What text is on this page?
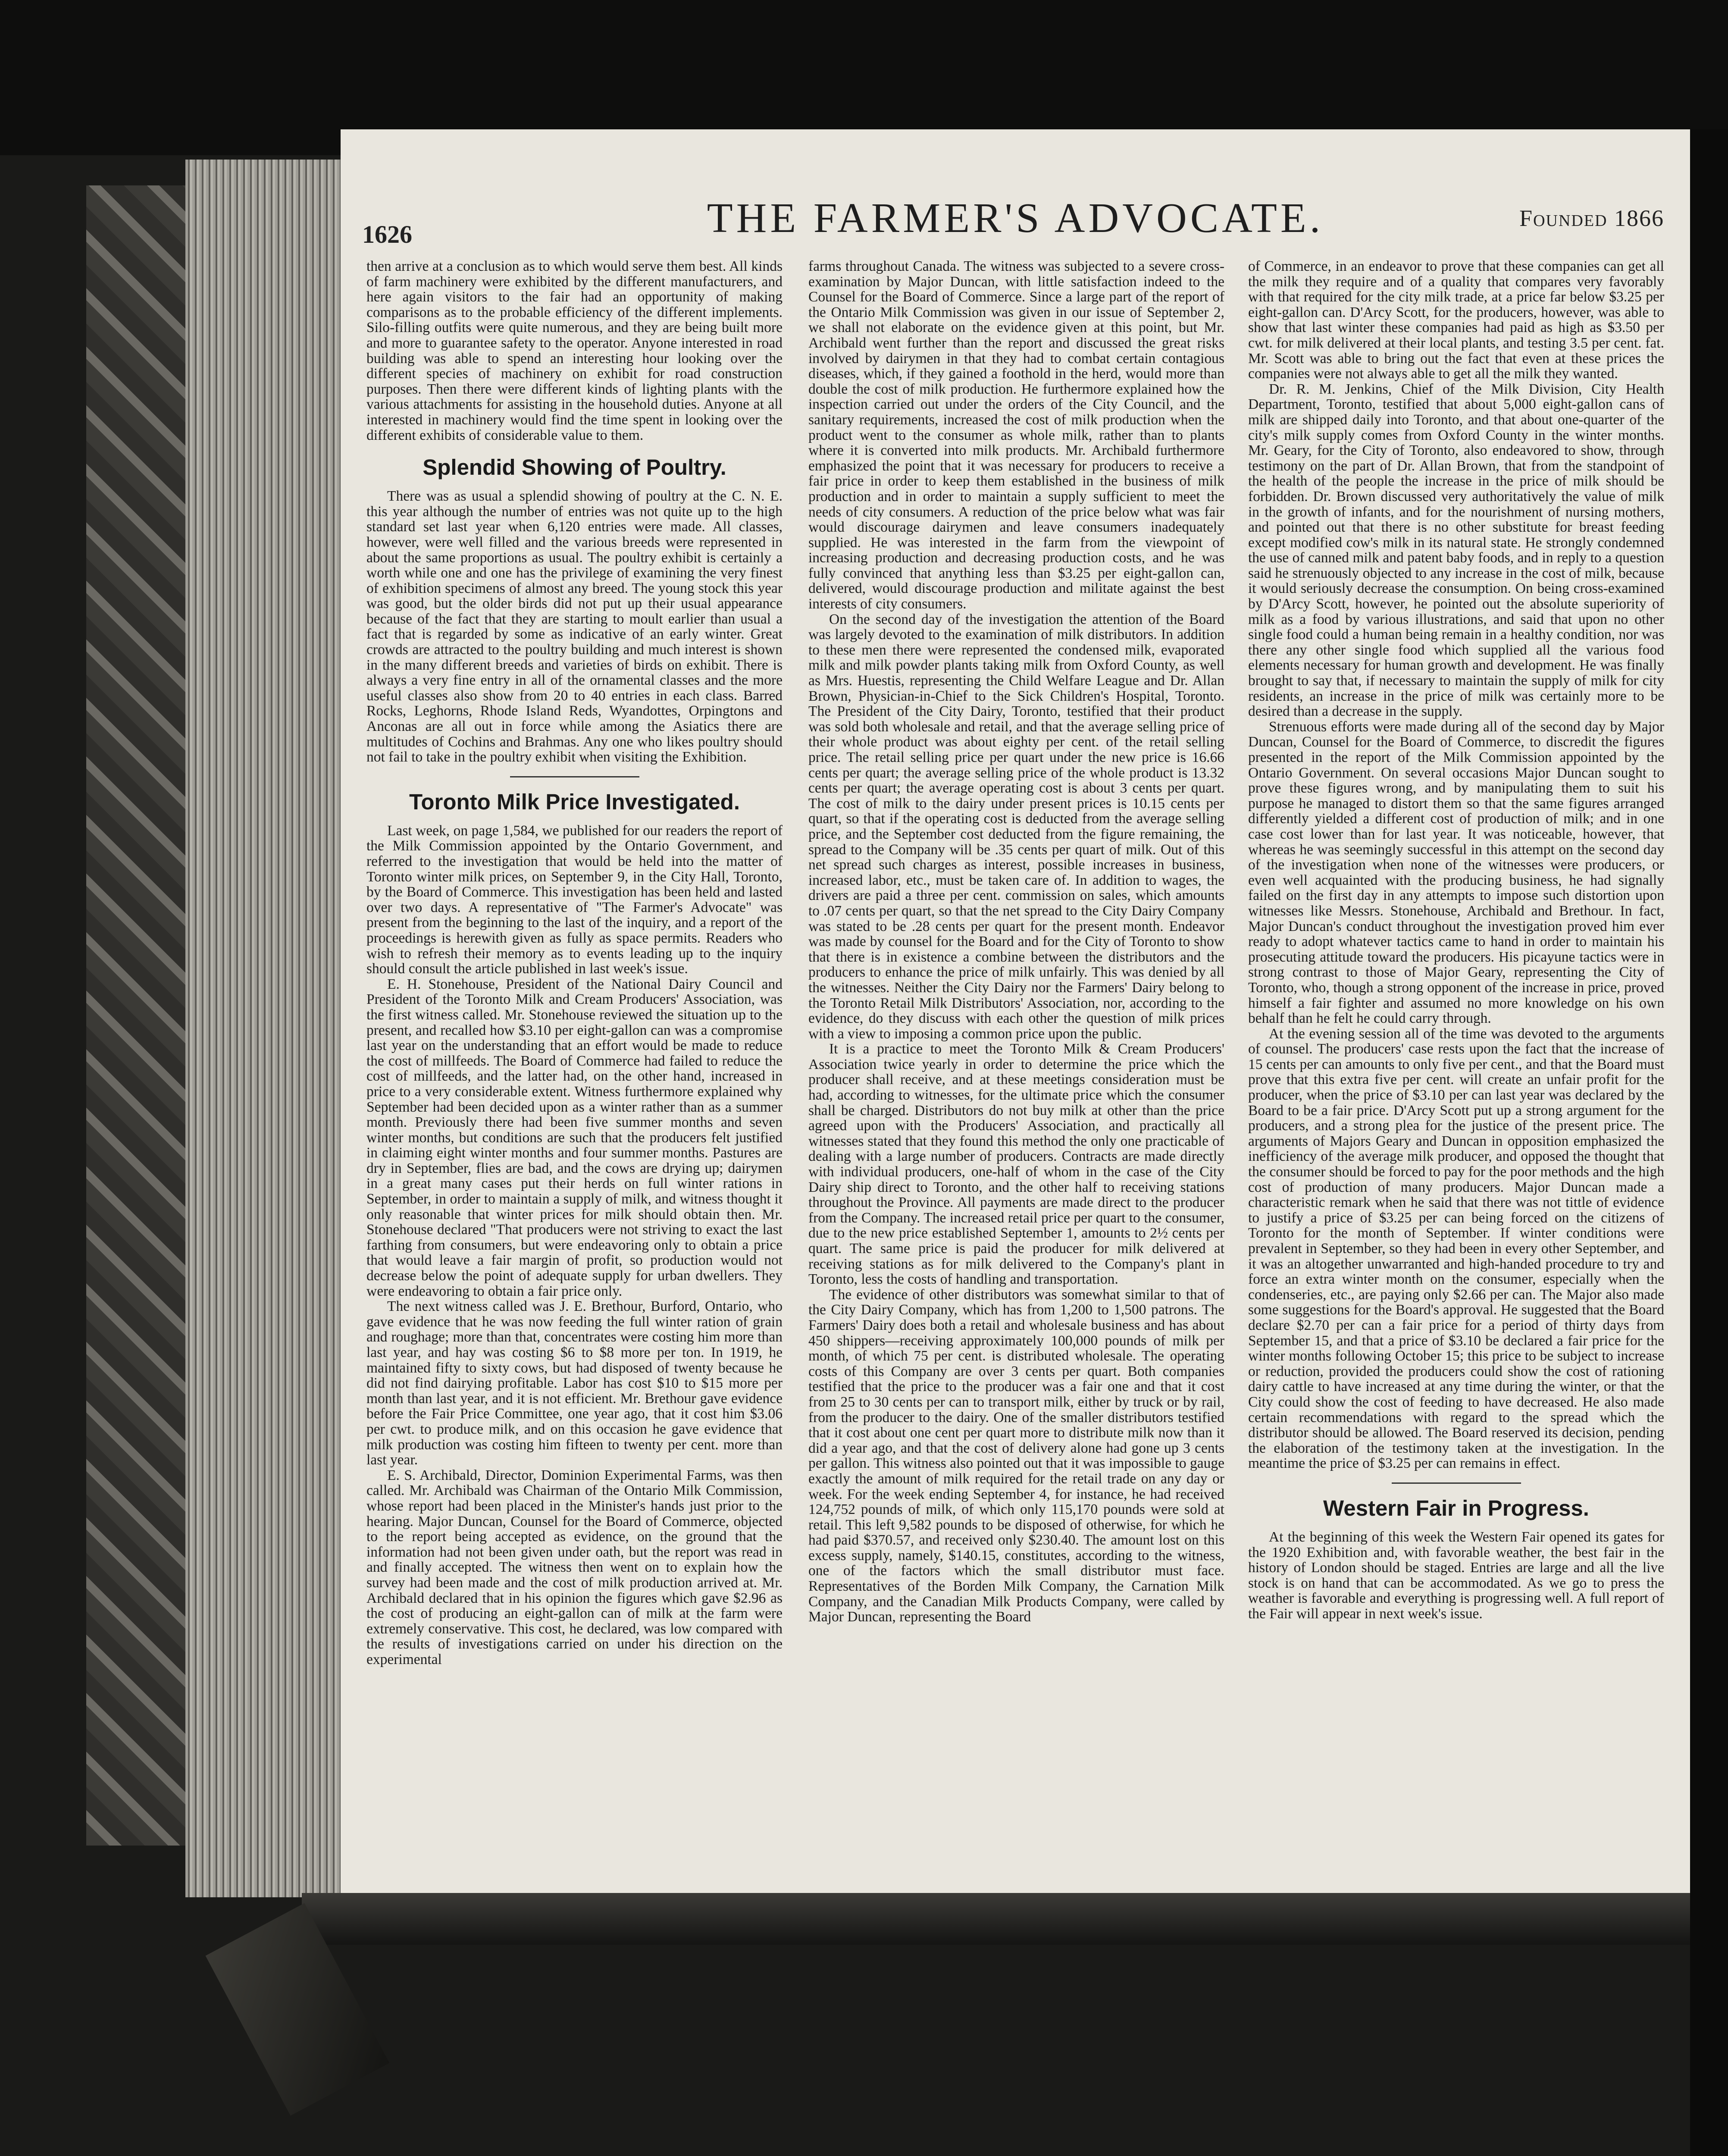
1626	THE FARMER'S ADVOCATE.	Founded 1866

then arrive at a conclusion as to which would serve them best. All kinds of farm machinery were exhibited by the different manufacturers, and here again visitors to the fair had an opportunity of making comparisons as to the probable efficiency of the different implements. Silo-filling outfits were quite numerous, and they are being built more and more to guarantee safety to the operator. Anyone interested in road building was able to spend an interesting hour looking over the different species of machinery on exhibit for road construction purposes. Then there were different kinds of lighting plants with the various attachments for assisting in the household duties. Anyone at all interested in machinery would find the time spent in looking over the different exhibits of considerable value to them.

Splendid Showing of Poultry.

There was as usual a splendid showing of poultry at the C. N. E. this year although the number of entries was not quite up to the high standard set last year when 6,120 entries were made. All classes, however, were well filled and the various breeds were represented in about the same proportions as usual. The poultry exhibit is certainly a worth while one and one has the privilege of examining the very finest of exhibition specimens of almost any breed. The young stock this year was good, but the older birds did not put up their usual appearance because of the fact that they are starting to moult earlier than usual a fact that is regarded by some as indicative of an early winter. Great crowds are attracted to the poultry building and much interest is shown in the many different breeds and varieties of birds on exhibit. There is always a very fine entry in all of the ornamental classes and the more useful classes also show from 20 to 40 entries in each class. Barred Rocks, Leghorns, Rhode Island Reds, Wyandottes, Orpingtons and Anconas are all out in force while among the Asiatics there are multitudes of Cochins and Brahmas. Any one who likes poultry should not fail to take in the poultry exhibit when visiting the Exhibition.

Toronto Milk Price Investigated.

Last week, on page 1,584, we published for our readers the report of the Milk Commission appointed by the Ontario Government, and referred to the investigation that would be held into the matter of Toronto winter milk prices, on September 9, in the City Hall, Toronto, by the Board of Commerce. This investigation has been held and lasted over two days. A representative of "The Farmer's Advocate" was present from the beginning to the last of the inquiry, and a report of the proceedings is herewith given as fully as space permits. Readers who wish to refresh their memory as to events leading up to the inquiry should consult the article published in last week's issue.

E. H. Stonehouse, President of the National Dairy Council and President of the Toronto Milk and Cream Producers' Association, was the first witness called. Mr. Stonehouse reviewed the situation up to the present, and recalled how $3.10 per eight-gallon can was a compromise last year on the understanding that an effort would be made to reduce the cost of millfeeds. The Board of Commerce had failed to reduce the cost of millfeeds, and the latter had, on the other hand, increased in price to a very considerable extent. Witness furthermore explained why September had been decided upon as a winter rather than as a summer month. Previously there had been five summer months and seven winter months, but conditions are such that the producers felt justified in claiming eight winter months and four summer months. Pastures are dry in September, flies are bad, and the cows are drying up; dairymen in a great many cases put their herds on full winter rations in September, in order to maintain a supply of milk, and witness thought it only reasonable that winter prices for milk should obtain then. Mr. Stonehouse declared "That producers were not striving to exact the last farthing from consumers, but were endeavoring only to obtain a price that would leave a fair margin of profit, so production would not decrease below the point of adequate supply for urban dwellers. They were endeavoring to obtain a fair price only.

The next witness called was J. E. Brethour, Burford, Ontario, who gave evidence that he was now feeding the full winter ration of grain and roughage; more than that, concentrates were costing him more than last year, and hay was costing $6 to $8 more per ton. In 1919, he maintained fifty to sixty cows, but had disposed of twenty because he did not find dairying profitable. Labor has cost $10 to $15 more per month than last year, and it is not efficient. Mr. Brethour gave evidence before the Fair Price Committee, one year ago, that it cost him $3.06 per cwt. to produce milk, and on this occasion he gave evidence that milk production was costing him fifteen to twenty per cent. more than last year.

E. S. Archibald, Director, Dominion Experimental Farms, was then called. Mr. Archibald was Chairman of the Ontario Milk Commission, whose report had been placed in the Minister's hands just prior to the hearing. Major Duncan, Counsel for the Board of Commerce, objected to the report being accepted as evidence, on the ground that the information had not been given under oath, but the report was read in and finally accepted. The witness then went on to explain how the survey had been made and the cost of milk production arrived at. Mr. Archibald declared that in his opinion the figures which gave $2.96 as the cost of producing an eight-gallon can of milk at the farm were extremely conservative. This cost, he declared, was low compared with the results of investigations carried on under his direction on the experimental

farms throughout Canada. The witness was subjected to a severe cross-examination by Major Duncan, with little satisfaction indeed to the Counsel for the Board of Commerce. Since a large part of the report of the Ontario Milk Commission was given in our issue of September 2, we shall not elaborate on the evidence given at this point, but Mr. Archibald went further than the report and discussed the great risks involved by dairymen in that they had to combat certain contagious diseases, which, if they gained a foothold in the herd, would more than double the cost of milk production. He furthermore explained how the inspection carried out under the orders of the City Council, and the sanitary requirements, increased the cost of milk production when the product went to the consumer as whole milk, rather than to plants where it is converted into milk products. Mr. Archibald furthermore emphasized the point that it was necessary for producers to receive a fair price in order to keep them established in the business of milk production and in order to maintain a supply sufficient to meet the needs of city consumers. A reduction of the price below what was fair would discourage dairymen and leave consumers inadequately supplied. He was interested in the farm from the viewpoint of increasing production and decreasing production costs, and he was fully convinced that anything less than $3.25 per eight-gallon can, delivered, would discourage production and militate against the best interests of city consumers.

On the second day of the investigation the attention of the Board was largely devoted to the examination of milk distributors. In addition to these men there were represented the condensed milk, evaporated milk and milk powder plants taking milk from Oxford County, as well as Mrs. Huestis, representing the Child Welfare League and Dr. Allan Brown, Physician-in-Chief to the Sick Children's Hospital, Toronto. The President of the City Dairy, Toronto, testified that their product was sold both wholesale and retail, and that the average selling price of their whole product was about eighty per cent. of the retail selling price. The retail selling price per quart under the new price is 16.66 cents per quart; the average selling price of the whole product is 13.32 cents per quart; the average operating cost is about 3 cents per quart. The cost of milk to the dairy under present prices is 10.15 cents per quart, so that if the operating cost is deducted from the average selling price, and the September cost deducted from the figure remaining, the spread to the Company will be .35 cents per quart of milk. Out of this net spread such charges as interest, possible increases in business, increased labor, etc., must be taken care of. In addition to wages, the drivers are paid a three per cent. commission on sales, which amounts to .07 cents per quart, so that the net spread to the City Dairy Company was stated to be .28 cents per quart for the present month. Endeavor was made by counsel for the Board and for the City of Toronto to show that there is in existence a combine between the distributors and the producers to enhance the price of milk unfairly. This was denied by all the witnesses. Neither the City Dairy nor the Farmers' Dairy belong to the Toronto Retail Milk Distributors' Association, nor, according to the evidence, do they discuss with each other the question of milk prices with a view to imposing a common price upon the public.

It is a practice to meet the Toronto Milk & Cream Producers' Association twice yearly in order to determine the price which the producer shall receive, and at these meetings consideration must be had, according to witnesses, for the ultimate price which the consumer shall be charged. Distributors do not buy milk at other than the price agreed upon with the Producers' Association, and practically all witnesses stated that they found this method the only one practicable of dealing with a large number of producers. Contracts are made directly with individual producers, one-half of whom in the case of the City Dairy ship direct to Toronto, and the other half to receiving stations throughout the Province. All payments are made direct to the producer from the Company. The increased retail price per quart to the consumer, due to the new price established September 1, amounts to 2½ cents per quart. The same price is paid the producer for milk delivered at receiving stations as for milk delivered to the Company's plant in Toronto, less the costs of handling and transportation.

The evidence of other distributors was somewhat similar to that of the City Dairy Company, which has from 1,200 to 1,500 patrons. The Farmers' Dairy does both a retail and wholesale business and has about 450 shippers—receiving approximately 100,000 pounds of milk per month, of which 75 per cent. is distributed wholesale. The operating costs of this Company are over 3 cents per quart. Both companies testified that the price to the producer was a fair one and that it cost from 25 to 30 cents per can to transport milk, either by truck or by rail, from the producer to the dairy. One of the smaller distributors testified that it cost about one cent per quart more to distribute milk now than it did a year ago, and that the cost of delivery alone had gone up 3 cents per gallon. This witness also pointed out that it was impossible to gauge exactly the amount of milk required for the retail trade on any day or week. For the week ending September 4, for instance, he had received 124,752 pounds of milk, of which only 115,170 pounds were sold at retail. This left 9,582 pounds to be disposed of otherwise, for which he had paid $370.57, and received only $230.40. The amount lost on this excess supply, namely, $140.15, constitutes, according to the witness, one of the factors which the small distributor must face. Representatives of the Borden Milk Company, the Carnation Milk Company, and the Canadian Milk Products Company, were called by Major Duncan, representing the Board

of Commerce, in an endeavor to prove that these companies can get all the milk they require and of a quality that compares very favorably with that required for the city milk trade, at a price far below $3.25 per eight-gallon can. D'Arcy Scott, for the producers, however, was able to show that last winter these companies had paid as high as $3.50 per cwt. for milk delivered at their local plants, and testing 3.5 per cent. fat. Mr. Scott was able to bring out the fact that even at these prices the companies were not always able to get all the milk they wanted.

Dr. R. M. Jenkins, Chief of the Milk Division, City Health Department, Toronto, testified that about 5,000 eight-gallon cans of milk are shipped daily into Toronto, and that about one-quarter of the city's milk supply comes from Oxford County in the winter months. Mr. Geary, for the City of Toronto, also endeavored to show, through testimony on the part of Dr. Allan Brown, that from the standpoint of the health of the people the increase in the price of milk should be forbidden. Dr. Brown discussed very authoritatively the value of milk in the growth of infants, and for the nourishment of nursing mothers, and pointed out that there is no other substitute for breast feeding except modified cow's milk in its natural state. He strongly condemned the use of canned milk and patent baby foods, and in reply to a question said he strenuously objected to any increase in the cost of milk, because it would seriously decrease the consumption. On being cross-examined by D'Arcy Scott, however, he pointed out the absolute superiority of milk as a food by various illustrations, and said that upon no other single food could a human being remain in a healthy condition, nor was there any other single food which supplied all the various food elements necessary for human growth and development. He was finally brought to say that, if necessary to maintain the supply of milk for city residents, an increase in the price of milk was certainly more to be desired than a decrease in the supply.

Strenuous efforts were made during all of the second day by Major Duncan, Counsel for the Board of Commerce, to discredit the figures presented in the report of the Milk Commission appointed by the Ontario Government. On several occasions Major Duncan sought to prove these figures wrong, and by manipulating them to suit his purpose he managed to distort them so that the same figures arranged differently yielded a different cost of production of milk; and in one case cost lower than for last year. It was noticeable, however, that whereas he was seemingly successful in this attempt on the second day of the investigation when none of the witnesses were producers, or even well acquainted with the producing business, he had signally failed on the first day in any attempts to impose such distortion upon witnesses like Messrs. Stonehouse, Archibald and Brethour. In fact, Major Duncan's conduct throughout the investigation proved him ever ready to adopt whatever tactics came to hand in order to maintain his prosecuting attitude toward the producers. His picayune tactics were in strong contrast to those of Major Geary, representing the City of Toronto, who, though a strong opponent of the increase in price, proved himself a fair fighter and assumed no more knowledge on his own behalf than he felt he could carry through.

At the evening session all of the time was devoted to the arguments of counsel. The producers' case rests upon the fact that the increase of 15 cents per can amounts to only five per cent., and that the Board must prove that this extra five per cent. will create an unfair profit for the producer, when the price of $3.10 per can last year was declared by the Board to be a fair price. D'Arcy Scott put up a strong argument for the producers, and a strong plea for the justice of the present price. The arguments of Majors Geary and Duncan in opposition emphasized the inefficiency of the average milk producer, and opposed the thought that the consumer should be forced to pay for the poor methods and the high cost of production of many producers. Major Duncan made a characteristic remark when he said that there was not tittle of evidence to justify a price of $3.25 per can being forced on the citizens of Toronto for the month of September. If winter conditions were prevalent in September, so they had been in every other September, and it was an altogether unwarranted and high-handed procedure to try and force an extra winter month on the consumer, especially when the condenseries, etc., are paying only $2.66 per can. The Major also made some suggestions for the Board's approval. He suggested that the Board declare $2.70 per can a fair price for a period of thirty days from September 15, and that a price of $3.10 be declared a fair price for the winter months following October 15; this price to be subject to increase or reduction, provided the producers could show the cost of rationing dairy cattle to have increased at any time during the winter, or that the City could show the cost of feeding to have decreased. He also made certain recommendations with regard to the spread which the distributor should be allowed. The Board reserved its decision, pending the elaboration of the testimony taken at the investigation. In the meantime the price of $3.25 per can remains in effect.

Western Fair in Progress.

At the beginning of this week the Western Fair opened its gates for the 1920 Exhibition and, with favorable weather, the best fair in the history of London should be staged. Entries are large and all the live stock is on hand that can be accommodated. As we go to press the weather is favorable and everything is progressing well. A full report of the Fair will appear in next week's issue.
